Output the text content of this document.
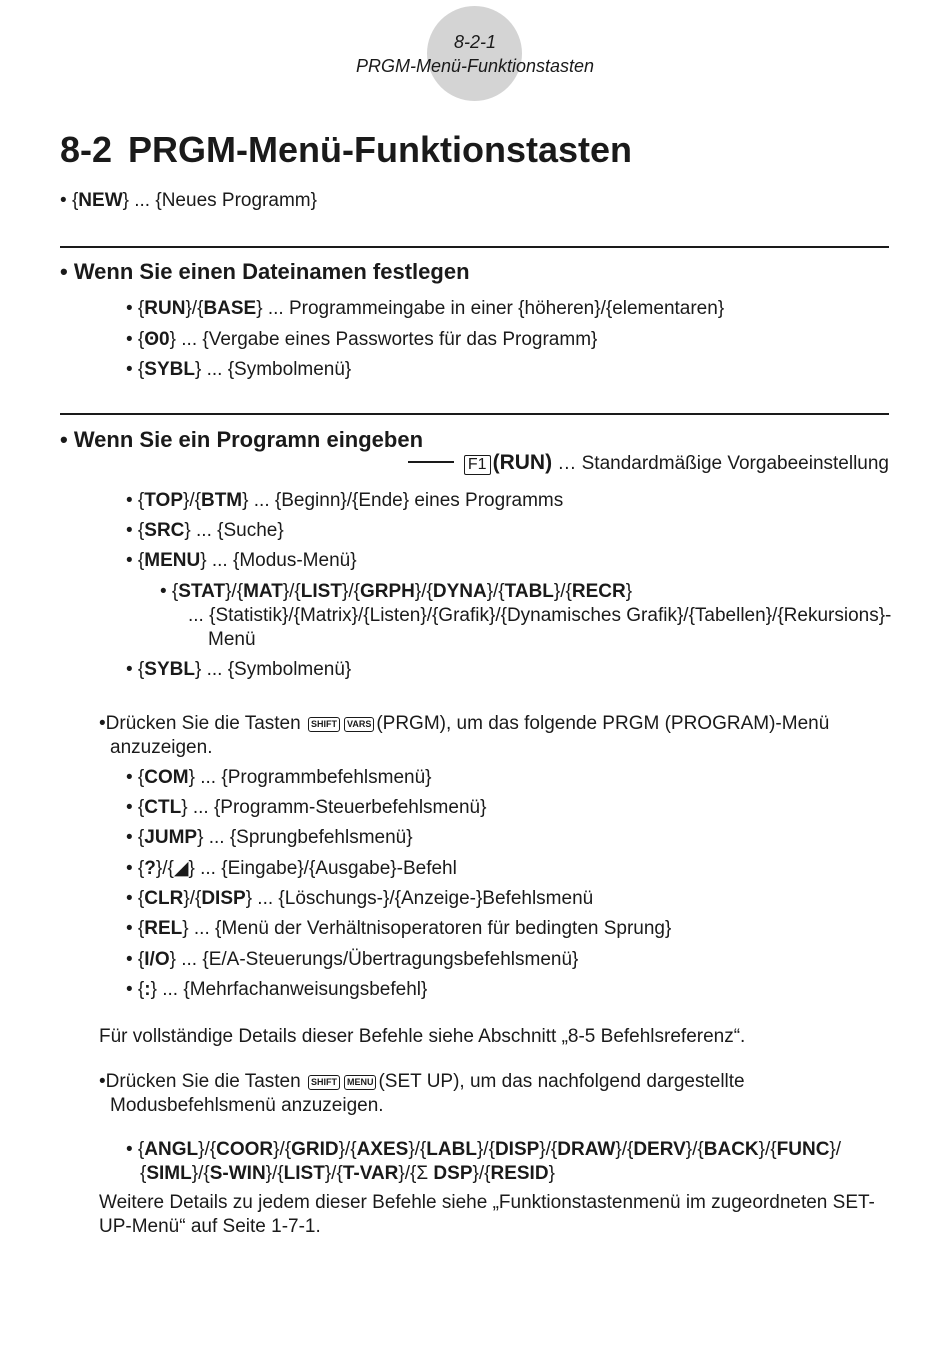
8-2-1
PRGM-Menü-Funktionstasten
8-2 PRGM-Menü-Funktionstasten
• {NEW} ... {Neues Programm}
• Wenn Sie einen Dateinamen festlegen
• {RUN}/{BASE} ... Programmeingabe in einer {höheren}/{elementaren}
• {ʘ0} ... {Vergabe eines Passwortes für das Programm}
• {SYBL} ... {Symbolmenü}
• Wenn Sie ein Programn eingeben
F1 (RUN) … Standardmäßige Vorgabeeinstellung
• {TOP}/{BTM} ... {Beginn}/{Ende} eines Programms
• {SRC} ... {Suche}
• {MENU} ... {Modus-Menü}
• {STAT}/{MAT}/{LIST}/{GRPH}/{DYNA}/{TABL}/{RECR}
... {Statistik}/{Matrix}/{Listen}/{Grafik}/{Dynamisches Grafik}/{Tabellen}/{Rekursions}-
Menü
• {SYBL} ... {Symbolmenü}
•Drücken Sie die Tasten SHIFT VARS (PRGM), um das folgende PRGM (PROGRAM)-Menü
anzuzeigen.
• {COM} ... {Programmbefehlsmenü}
• {CTL} ... {Programm-Steuerbefehlsmenü}
• {JUMP} ... {Sprungbefehlsmenü}
• {?}/{◢} ... {Eingabe}/{Ausgabe}-Befehl
• {CLR}/{DISP} ... {Löschungs-}/{Anzeige-}Befehlsmenü
• {REL} ... {Menü der Verhältnisoperatoren für bedingten Sprung}
• {I/O} ... {E/A-Steuerungs/Übertragungsbefehlsmenü}
• {:} ... {Mehrfachanweisungsbefehl}
Für vollständige Details dieser Befehle siehe Abschnitt „8-5 Befehlsreferenz“.
•Drücken Sie die Tasten SHIFT MENU (SET UP), um das nachfolgend dargestellte
Modusbefehlsmenü anzuzeigen.
• {ANGL}/{COOR}/{GRID}/{AXES}/{LABL}/{DISP}/{DRAW}/{DERV}/{BACK}/{FUNC}/
{SIML}/{S-WIN}/{LIST}/{T-VAR}/{Σ DSP}/{RESID}
Weitere Details zu jedem dieser Befehle siehe „Funktionstastenmenü im zugeordneten SET-
UP-Menü“ auf Seite 1-7-1.
